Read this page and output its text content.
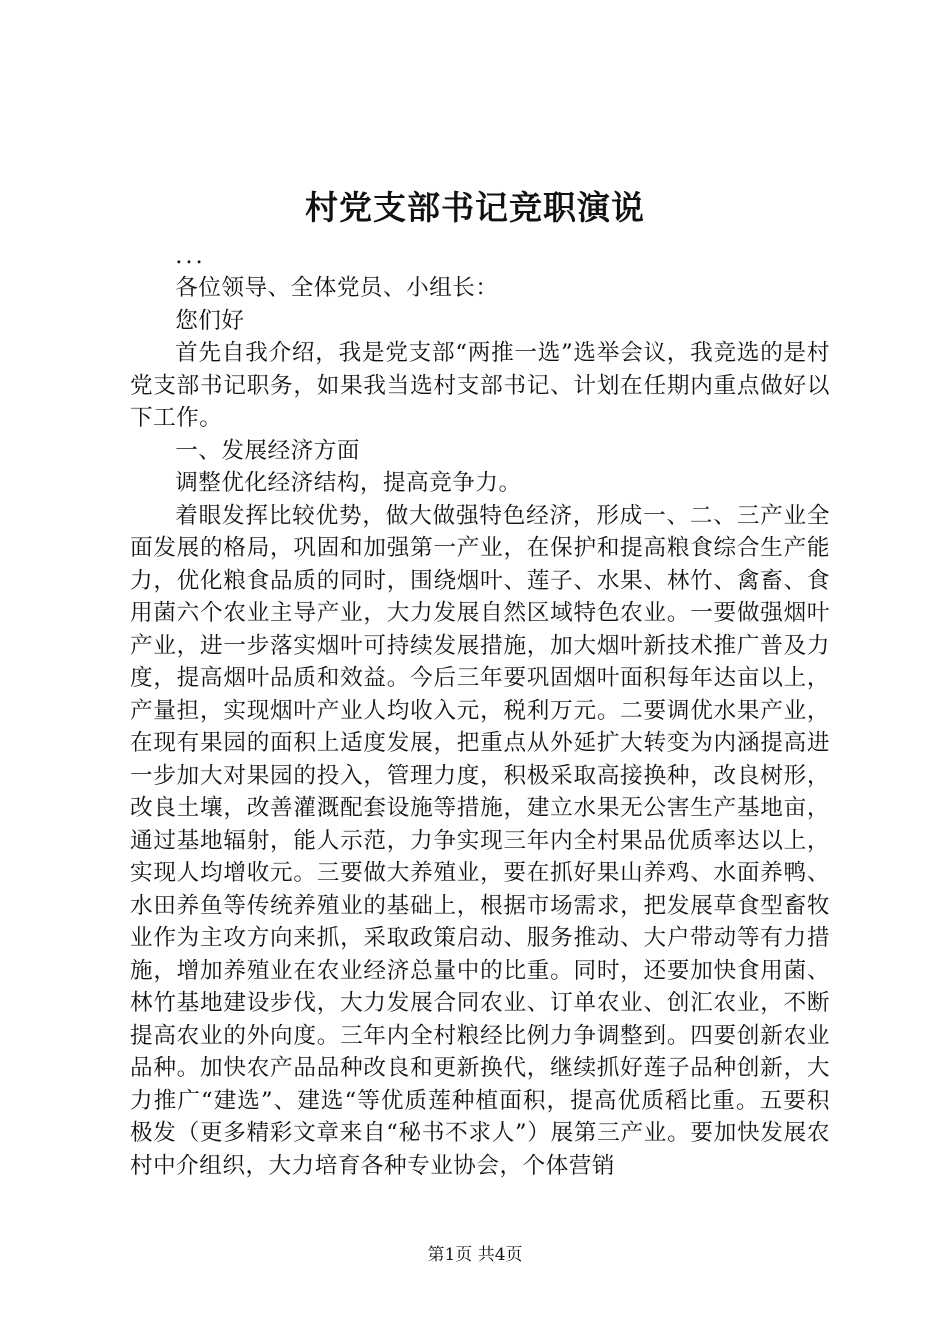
村党支部书记竞职演说

...

各位领导、全体党员、小组长：

您们好

首先自我介绍，我是党支部“两推一选”选举会议，我竞选的是村党支部书记职务，如果我当选村支部书记、计划在任期内重点做好以下工作。

一、发展经济方面

调整优化经济结构，提高竞争力。

着眼发挥比较优势，做大做强特色经济，形成一、二、三产业全面发展的格局，巩固和加强第一产业，在保护和提高粮食综合生产能力，优化粮食品质的同时，围绕烟叶、莲子、水果、林竹、禽畜、食用菌六个农业主导产业，大力发展自然区域特色农业。一要做强烟叶产业，进一步落实烟叶可持续发展措施，加大烟叶新技术推广普及力度，提高烟叶品质和效益。今后三年要巩固烟叶面积每年达亩以上，产量担，实现烟叶产业人均收入元，税利万元。二要调优水果产业，在现有果园的面积上适度发展，把重点从外延扩大转变为内涵提高进一步加大对果园的投入，管理力度，积极采取高接换种，改良树形，改良土壤，改善灌溉配套设施等措施，建立水果无公害生产基地亩，通过基地辐射，能人示范，力争实现三年内全村果品优质率达以上，实现人均增收元。三要做大养殖业，要在抓好果山养鸡、水面养鸭、水田养鱼等传统养殖业的基础上，根据市场需求，把发展草食型畜牧业作为主攻方向来抓，采取政策启动、服务推动、大户带动等有力措施，增加养殖业在农业经济总量中的比重。同时，还要加快食用菌、林竹基地建设步伐，大力发展合同农业、订单农业、创汇农业，不断提高农业的外向度。三年内全村粮经比例力争调整到。四要创新农业品种。加快农产品品种改良和更新换代，继续抓好莲子品种创新，大力推广“建选”、建选“等优质莲种植面积，提高优质稻比重。五要积极发（更多精彩文章来自“秘书不求人”）展第三产业。要加快发展农村中介组织，大力培育各种专业协会，个体营销

第1页 共4页
